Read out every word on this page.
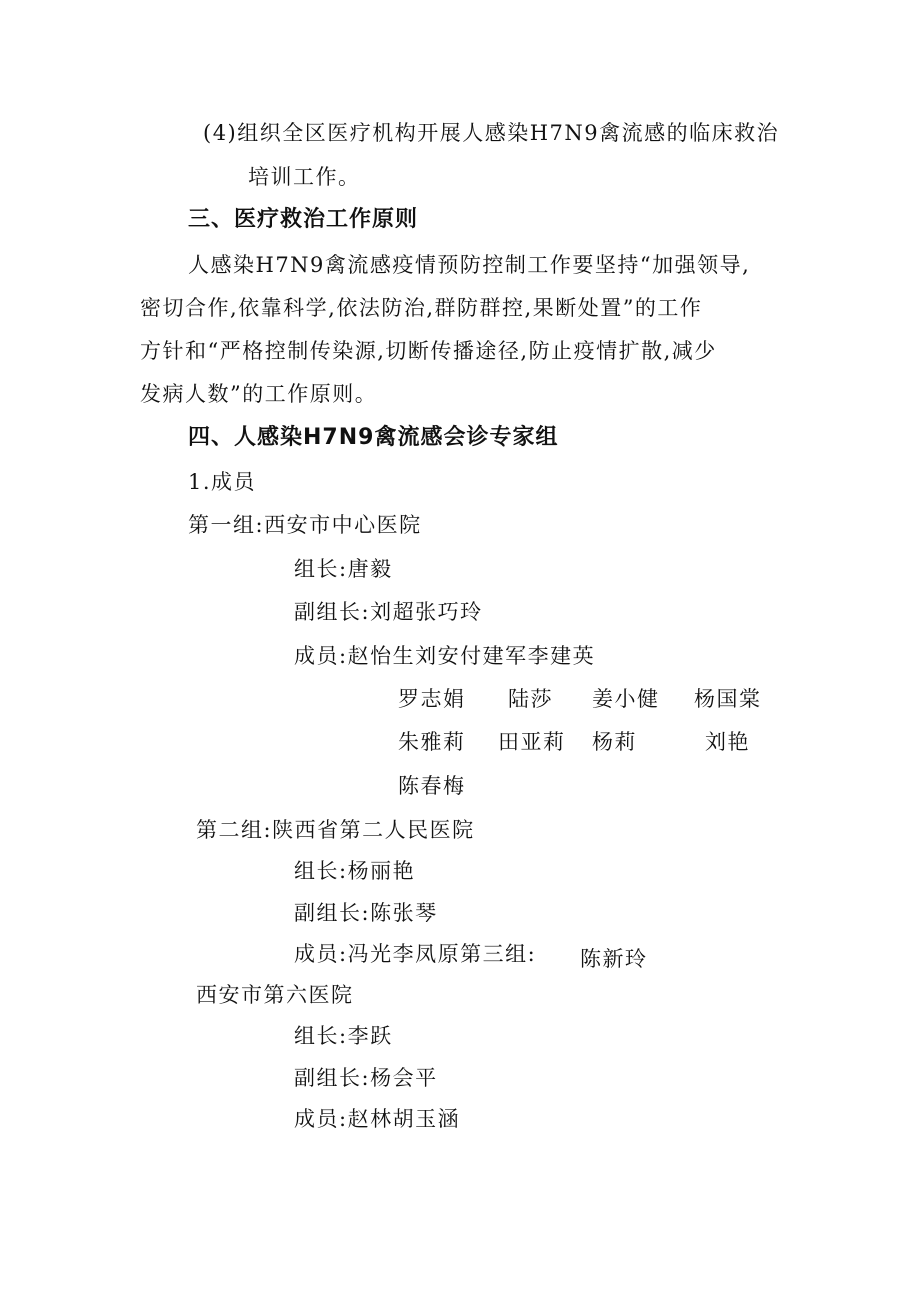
(4)组织全区医疗机构开展人感染H7N9禽流感的临床救治
培训工作。
三、医疗救治工作原则
人感染H7N9禽流感疫情预防控制工作要坚持“加强领导,
密切合作,依靠科学,依法防治,群防群控,果断处置”的工作
方针和“严格控制传染源,切断传播途径,防止疫情扩散,减少
发病人数”的工作原则。
四、人感染H7N9禽流感会诊专家组
1.成员
第一组:西安市中心医院
组长:唐毅
副组长:刘超张巧玲
成员:赵怡生刘安付建军李建英
罗志娟 陆莎 姜小健 杨国棠
朱雅莉 田亚莉 杨莉	刘艳
陈春梅
第二组:陕西省第二人民医院
组长:杨丽艳
副组长:陈张琴
成员:冯光李凤原第三组: 陈新玲
西安市第六医院
组长:李跃
副组长:杨会平
成员:赵林胡玉涵
